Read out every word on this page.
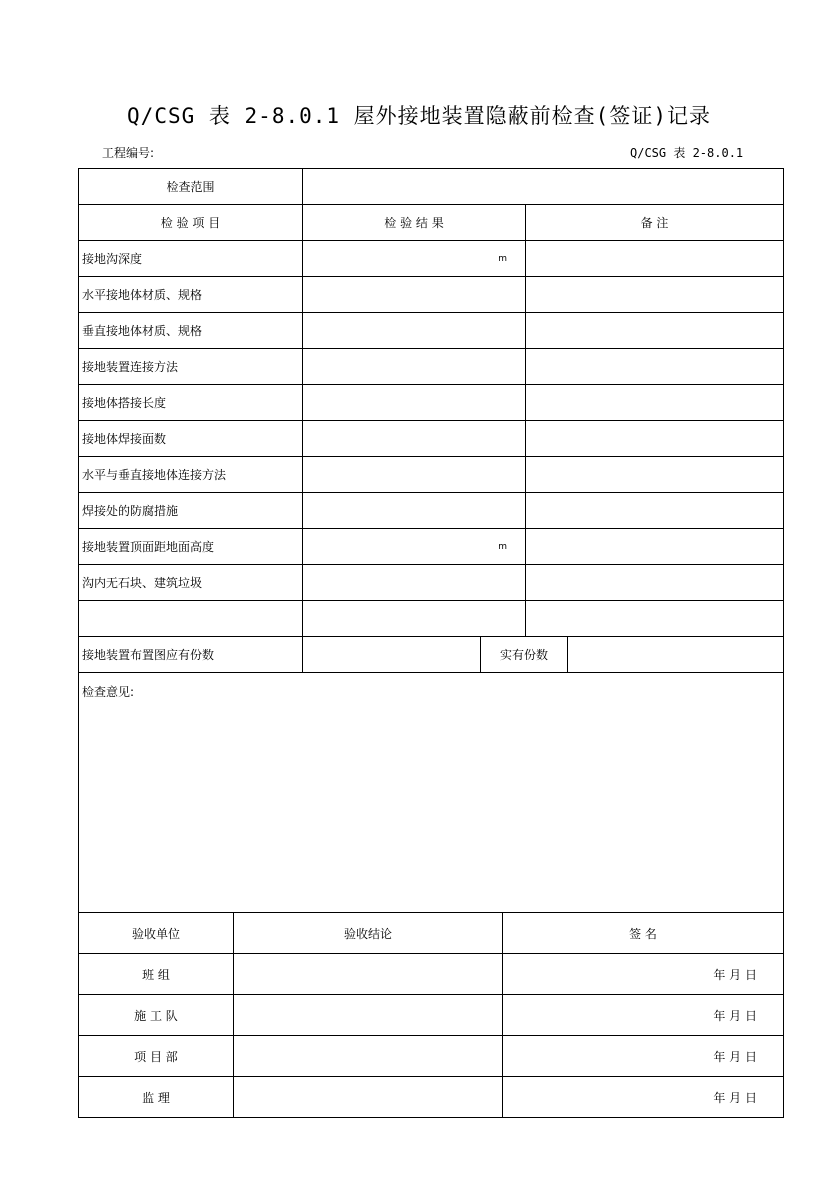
Q/CSG 表 2-8.0.1 屋外接地装置隐蔽前检查(签证)记录
工程编号:	Q/CSG 表 2-8.0.1
检查范围				
检 验 项 目	检 验 结 果		备 注	
接地沟深度	m			
水平接地体材质、规格				
垂直接地体材质、规格				
接地装置连接方法				
接地体搭接长度				
接地体焊接面数				
水平与垂直接地体连接方法				
焊接处的防腐措施				
接地装置顶面距地面高度	m			
沟内无石块、建筑垃圾				

接地装置布置图应有份数		实有份数		
检查意见:				
验收单位	验收结论	签 名
班 组		年 月 日
施 工 队		年 月 日
项 目 部		年 月 日
监 理		年 月 日
